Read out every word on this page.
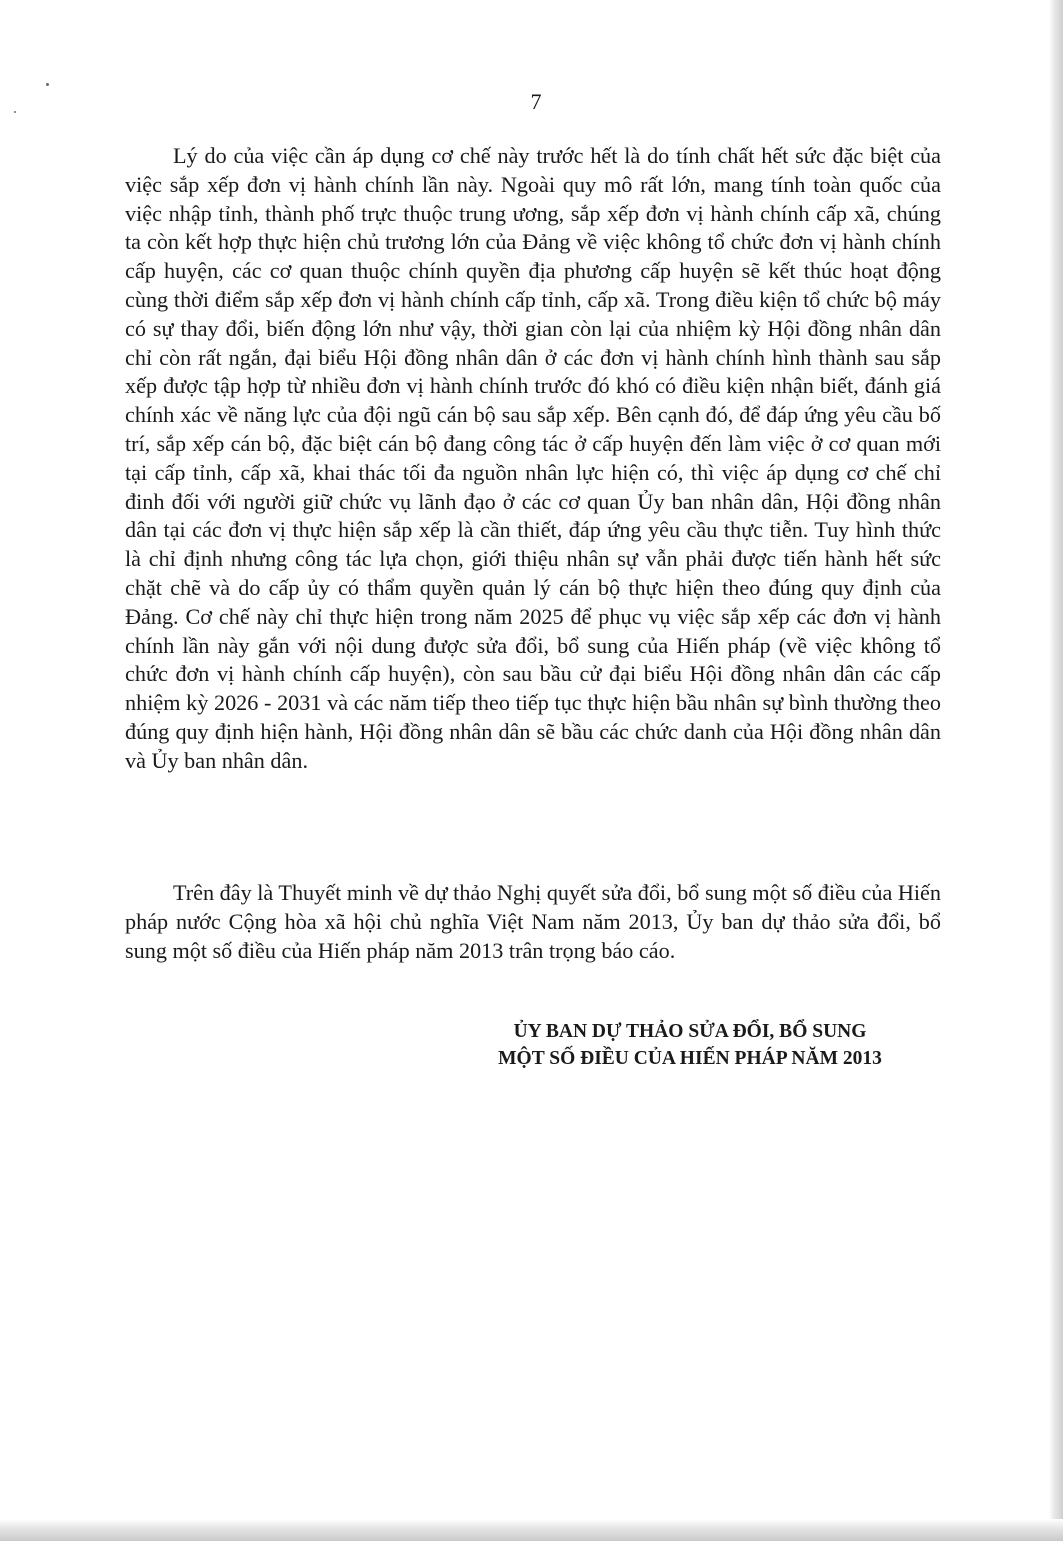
7

Lý do của việc cần áp dụng cơ chế này trước hết là do tính chất hết sức đặc biệt của việc sắp xếp đơn vị hành chính lần này. Ngoài quy mô rất lớn, mang tính toàn quốc của việc nhập tỉnh, thành phố trực thuộc trung ương, sắp xếp đơn vị hành chính cấp xã, chúng ta còn kết hợp thực hiện chủ trương lớn của Đảng về việc không tổ chức đơn vị hành chính cấp huyện, các cơ quan thuộc chính quyền địa phương cấp huyện sẽ kết thúc hoạt động cùng thời điểm sắp xếp đơn vị hành chính cấp tỉnh, cấp xã. Trong điều kiện tổ chức bộ máy có sự thay đổi, biến động lớn như vậy, thời gian còn lại của nhiệm kỳ Hội đồng nhân dân chỉ còn rất ngắn, đại biểu Hội đồng nhân dân ở các đơn vị hành chính hình thành sau sắp xếp được tập hợp từ nhiều đơn vị hành chính trước đó khó có điều kiện nhận biết, đánh giá chính xác về năng lực của đội ngũ cán bộ sau sắp xếp. Bên cạnh đó, để đáp ứng yêu cầu bố trí, sắp xếp cán bộ, đặc biệt cán bộ đang công tác ở cấp huyện đến làm việc ở cơ quan mới tại cấp tỉnh, cấp xã, khai thác tối đa nguồn nhân lực hiện có, thì việc áp dụng cơ chế chỉ đinh đối với người giữ chức vụ lãnh đạo ở các cơ quan Ủy ban nhân dân, Hội đồng nhân dân tại các đơn vị thực hiện sắp xếp là cần thiết, đáp ứng yêu cầu thực tiễn. Tuy hình thức là chỉ định nhưng công tác lựa chọn, giới thiệu nhân sự vẫn phải được tiến hành hết sức chặt chẽ và do cấp ủy có thẩm quyền quản lý cán bộ thực hiện theo đúng quy định của Đảng. Cơ chế này chỉ thực hiện trong năm 2025 để phục vụ việc sắp xếp các đơn vị hành chính lần này gắn với nội dung được sửa đổi, bổ sung của Hiến pháp (về việc không tổ chức đơn vị hành chính cấp huyện), còn sau bầu cử đại biểu Hội đồng nhân dân các cấp nhiệm kỳ 2026 - 2031 và các năm tiếp theo tiếp tục thực hiện bầu nhân sự bình thường theo đúng quy định hiện hành, Hội đồng nhân dân sẽ bầu các chức danh của Hội đồng nhân dân và Ủy ban nhân dân.

Trên đây là Thuyết minh về dự thảo Nghị quyết sửa đổi, bổ sung một số điều của Hiến pháp nước Cộng hòa xã hội chủ nghĩa Việt Nam năm 2013, Ủy ban dự thảo sửa đổi, bổ sung một số điều của Hiến pháp năm 2013 trân trọng báo cáo.

ỦY BAN DỰ THẢO SỬA ĐỔI, BỔ SUNG
MỘT SỐ ĐIỀU CỦA HIẾN PHÁP NĂM 2013
